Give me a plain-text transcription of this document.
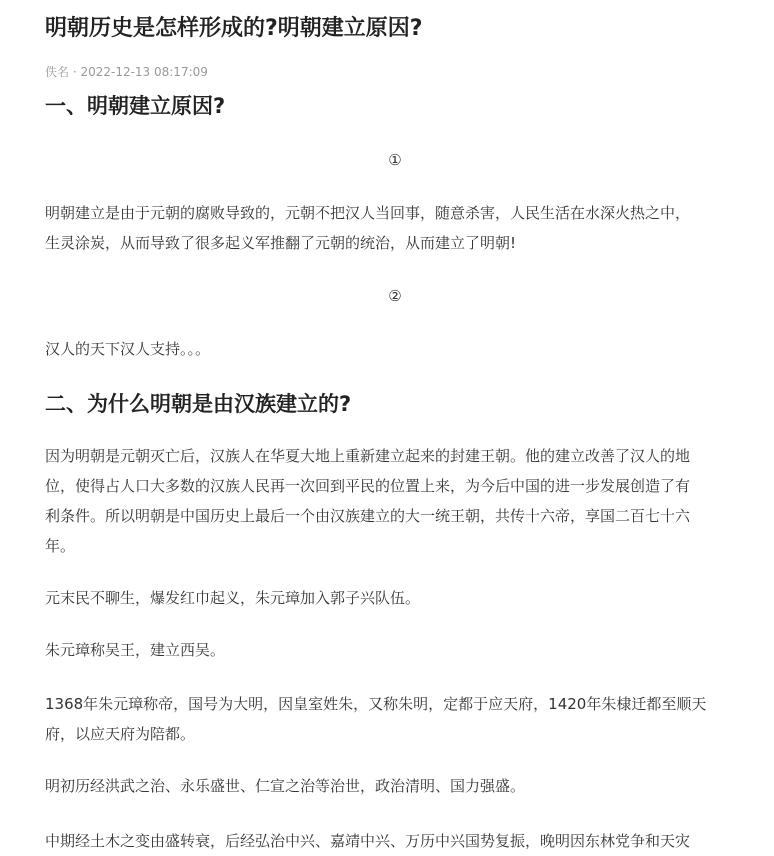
明朝历史是怎样形成的?明朝建立原因?
佚名 · 2022-12-13 08:17:09
一、明朝建立原因?
①

明朝建立是由于元朝的腐败导致的，元朝不把汉人当回事，随意杀害，人民生活在水深火热之中，

生灵涂炭，从而导致了很多起义军推翻了元朝的统治，从而建立了明朝!

②

汉人的天下汉人支持。。。

二、为什么明朝是由汉族建立的?

因为明朝是元朝灭亡后，汉族人在华夏大地上重新建立起来的封建王朝。他的建立改善了汉人的地

位，使得占人口大多数的汉族人民再一次回到平民的位置上来，为今后中国的进一步发展创造了有

利条件。所以明朝是中国历史上最后一个由汉族建立的大一统王朝，共传十六帝，享国二百七十六

年。

元末民不聊生，爆发红巾起义，朱元璋加入郭子兴队伍。

朱元璋称吴王，建立西吴。

1368年朱元璋称帝，国号为大明，因皇室姓朱，又称朱明，定都于应天府，1420年朱棣迁都至顺天

府，以应天府为陪都。

明初历经洪武之治、永乐盛世、仁宣之治等治世，政治清明、国力强盛。

中期经土木之变由盛转衰，后经弘治中兴、嘉靖中兴、万历中兴国势复振，晚明因东林党争和天灾
